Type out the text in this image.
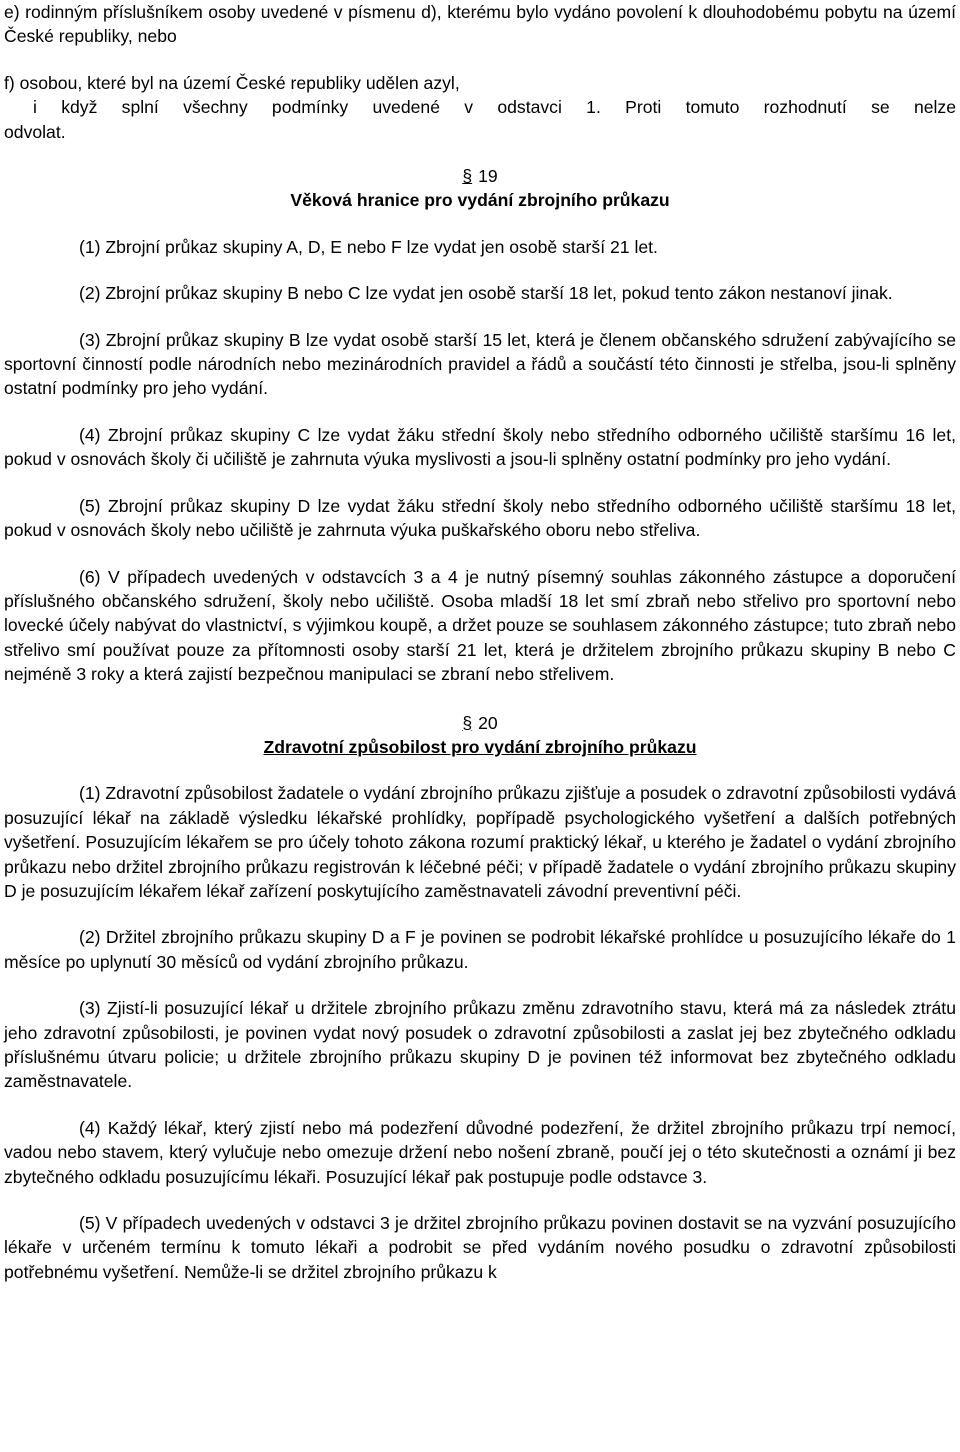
e) rodinným příslušníkem osoby uvedené v písmenu d), kterému bylo vydáno povolení k dlouhodobému pobytu na území České republiky, nebo

f) osobou, které byl na území České republiky udělen azyl,
i když splní všechny podmínky uvedené v odstavci 1. Proti tomuto rozhodnutí se nelze
odvolat.

§ 19

Věková hranice pro vydání zbrojního průkazu

(1) Zbrojní průkaz skupiny A, D, E nebo F lze vydat jen osobě starší 21 let.

(2) Zbrojní průkaz skupiny B nebo C lze vydat jen osobě starší 18 let, pokud tento zákon nestanoví jinak.

(3) Zbrojní průkaz skupiny B lze vydat osobě starší 15 let, která je členem občanského sdružení zabývajícího se sportovní činností podle národních nebo mezinárodních pravidel a řádů a součástí této činnosti je střelba, jsou-li splněny ostatní podmínky pro jeho vydání.

(4) Zbrojní průkaz skupiny C lze vydat žáku střední školy nebo středního odborného učiliště staršímu 16 let, pokud v osnovách školy či učiliště je zahrnuta výuka myslivosti a jsou-li splněny ostatní podmínky pro jeho vydání.

(5) Zbrojní průkaz skupiny D lze vydat žáku střední školy nebo středního odborného učiliště staršímu 18 let, pokud v osnovách školy nebo učiliště je zahrnuta výuka puškařského oboru nebo střeliva.

(6) V případech uvedených v odstavcích 3 a 4 je nutný písemný souhlas zákonného zástupce a doporučení příslušného občanského sdružení, školy nebo učiliště. Osoba mladší 18 let smí zbraň nebo střelivo pro sportovní nebo lovecké účely nabývat do vlastnictví, s výjimkou koupě, a držet pouze se souhlasem zákonného zástupce; tuto zbraň nebo střelivo smí používat pouze za přítomnosti osoby starší 21 let, která je držitelem zbrojního průkazu skupiny B nebo C nejméně 3 roky a která zajistí bezpečnou manipulaci se zbraní nebo střelivem.

§ 20

Zdravotní způsobilost pro vydání zbrojního průkazu

(1) Zdravotní způsobilost žadatele o vydání zbrojního průkazu zjišťuje a posudek o zdravotní způsobilosti vydává posuzující lékař na základě výsledku lékařské prohlídky, popřípadě psychologického vyšetření a dalších potřebných vyšetření. Posuzujícím lékařem se pro účely tohoto zákona rozumí praktický lékař, u kterého je žadatel o vydání zbrojního průkazu nebo držitel zbrojního průkazu registrován k léčebné péči; v případě žadatele o vydání zbrojního průkazu skupiny D je posuzujícím lékařem lékař zařízení poskytujícího zaměstnavateli závodní preventivní péči.

(2) Držitel zbrojního průkazu skupiny D a F je povinen se podrobit lékařské prohlídce u posuzujícího lékaře do 1 měsíce po uplynutí 30 měsíců od vydání zbrojního průkazu.

(3) Zjistí-li posuzující lékař u držitele zbrojního průkazu změnu zdravotního stavu, která má za následek ztrátu jeho zdravotní způsobilosti, je povinen vydat nový posudek o zdravotní způsobilosti a zaslat jej bez zbytečného odkladu příslušnému útvaru policie; u držitele zbrojního průkazu skupiny D je povinen též informovat bez zbytečného odkladu zaměstnavatele.

(4) Každý lékař, který zjistí nebo má podezření důvodné podezření, že držitel zbrojního průkazu trpí nemocí, vadou nebo stavem, který vylučuje nebo omezuje držení nebo nošení zbraně, poučí jej o této skutečnosti a oznámí ji bez zbytečného odkladu posuzujícímu lékaři. Posuzující lékař pak postupuje podle odstavce 3.

(5) V případech uvedených v odstavci 3 je držitel zbrojního průkazu povinen dostavit se na vyzvání posuzujícího lékaře v určeném termínu k tomuto lékaři a podrobit se před vydáním nového posudku o zdravotní způsobilosti potřebnému vyšetření. Nemůže-li se držitel zbrojního průkazu k
